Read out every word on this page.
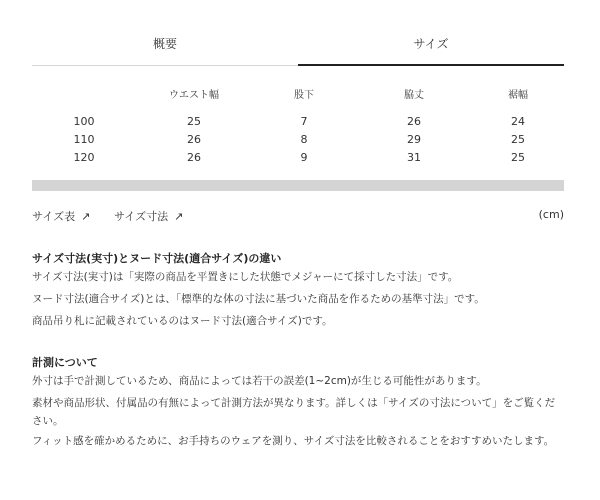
概要	サイズ
	ウエスト幅	股下	脇丈	裾幅
100	25	7	26	24
110	26	8	29	25
120	26	9	31	25
サイズ表 ↗ サイズ寸法 ↗	(cm)
サイズ寸法(実寸)とヌード寸法(適合サイズ)の違い
サイズ寸法(実寸)は「実際の商品を平置きにした状態でメジャーにて採寸した寸法」です。
ヌード寸法(適合サイズ)とは、「標準的な体の寸法に基づいた商品を作るための基準寸法」です。
商品吊り札に記載されているのはヌード寸法(適合サイズ)です。
計測について
外寸は手で計測しているため、商品によっては若干の誤差(1~2cm)が生じる可能性があります。
素材や商品形状、付属品の有無によって計測方法が異なります。詳しくは「サイズの寸法について」をご覧ください。
フィット感を確かめるために、お手持ちのウェアを測り、サイズ寸法を比較されることをおすすめいたします。
